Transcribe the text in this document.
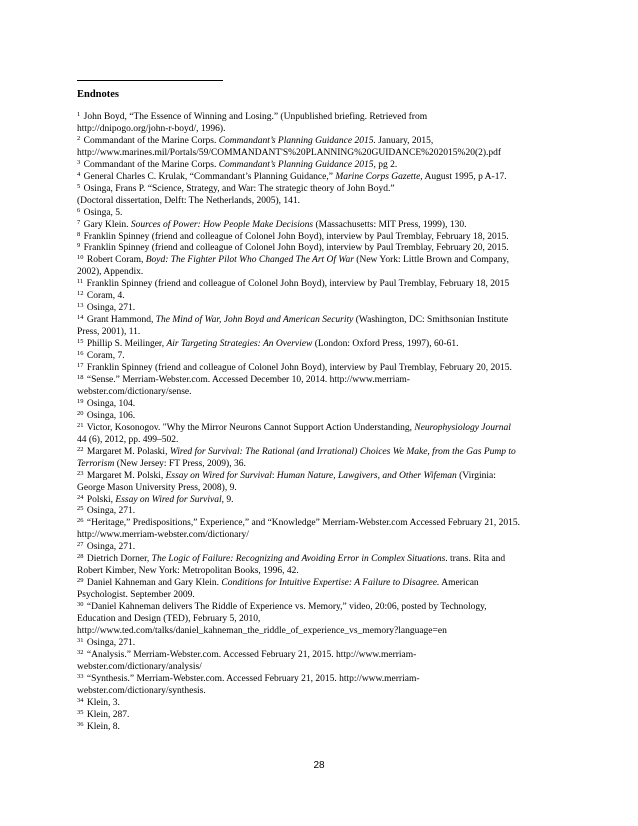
Endnotes
$^1$ John Boyd, “The Essence of Winning and Losing.” (Unpublished briefing. Retrieved from
http://dnipogo.org/john-r-boyd/, 1996).
$^2$ Commandant of the Marine Corps. Commandant’s Planning Guidance 2015. January, 2015,
http://www.marines.mil/Portals/59/COMMANDANT'S%20PLANNING%20GUIDANCE%202015%20(2).pdf
$^3$ Commandant of the Marine Corps. Commandant’s Planning Guidance 2015, pg 2.
$^4$ General Charles C. Krulak, “Commandant’s Planning Guidance,” Marine Corps Gazette, August 1995, p A-17.
$^5$ Osinga, Frans P. “Science, Strategy, and War: The strategic theory of John Boyd.”
(Doctoral dissertation, Delft: The Netherlands, 2005), 141.
$^6$ Osinga, 5.
$^7$ Gary Klein. Sources of Power: How People Make Decisions (Massachusetts: MIT Press, 1999), 130.
$^8$ Franklin Spinney (friend and colleague of Colonel John Boyd), interview by Paul Tremblay, February 18, 2015.
$^9$ Franklin Spinney (friend and colleague of Colonel John Boyd), interview by Paul Tremblay, February 20, 2015.
$^{10}$ Robert Coram, Boyd: The Fighter Pilot Who Changed The Art Of War (New York: Little Brown and Company,
2002), Appendix.
$^{11}$ Franklin Spinney (friend and colleague of Colonel John Boyd), interview by Paul Tremblay, February 18, 2015
$^{12}$ Coram, 4.
$^{13}$ Osinga, 271.
$^{14}$ Grant Hammond, The Mind of War, John Boyd and American Security (Washington, DC: Smithsonian Institute
Press, 2001), 11.
$^{15}$ Phillip S. Meilinger, Air Targeting Strategies: An Overview (London: Oxford Press, 1997), 60-61.
$^{16}$ Coram, 7.
$^{17}$ Franklin Spinney (friend and colleague of Colonel John Boyd), interview by Paul Tremblay, February 20, 2015.
$^{18}$ “Sense.” Merriam-Webster.com. Accessed December 10, 2014. http://www.merriam-
webster.com/dictionary/sense.
$^{19}$ Osinga, 104.
$^{20}$ Osinga, 106.
$^{21}$ Victor, Kosonogov. "Why the Mirror Neurons Cannot Support Action Understanding, Neurophysiology Journal
44 (6), 2012, pp. 499–502.
$^{22}$ Margaret M. Polaski, Wired for Survival: The Rational (and Irrational) Choices We Make, from the Gas Pump to
Terrorism (New Jersey: FT Press, 2009), 36.
$^{23}$ Margaret M. Polski, Essay on Wired for Survival: Human Nature, Lawgivers, and Other Wifeman (Virginia:
George Mason University Press, 2008), 9.
$^{24}$ Polski, Essay on Wired for Survival, 9.
$^{25}$ Osinga, 271.
$^{26}$ “Heritage,” Predispositions,” Experience,” and “Knowledge” Merriam-Webster.com Accessed February 21, 2015.
http://www.merriam-webster.com/dictionary/
$^{27}$ Osinga, 271.
$^{28}$ Dietrich Dorner, The Logic of Failure: Recognizing and Avoiding Error in Complex Situations. trans. Rita and
Robert Kimber, New York: Metropolitan Books, 1996, 42.
$^{29}$ Daniel Kahneman and Gary Klein. Conditions for Intuitive Expertise: A Failure to Disagree. American
Psychologist. September 2009.
$^{30}$ “Daniel Kahneman delivers The Riddle of Experience vs. Memory,” video, 20:06, posted by Technology,
Education and Design (TED), February 5, 2010,
http://www.ted.com/talks/daniel_kahneman_the_riddle_of_experience_vs_memory?language=en
$^{31}$ Osinga, 271.
$^{32}$ “Analysis.” Merriam-Webster.com. Accessed February 21, 2015. http://www.merriam-
webster.com/dictionary/analysis/
$^{33}$ “Synthesis.” Merriam-Webster.com. Accessed February 21, 2015. http://www.merriam-
webster.com/dictionary/synthesis.
$^{34}$ Klein, 3.
$^{35}$ Klein, 287.
$^{36}$ Klein, 8.
28
